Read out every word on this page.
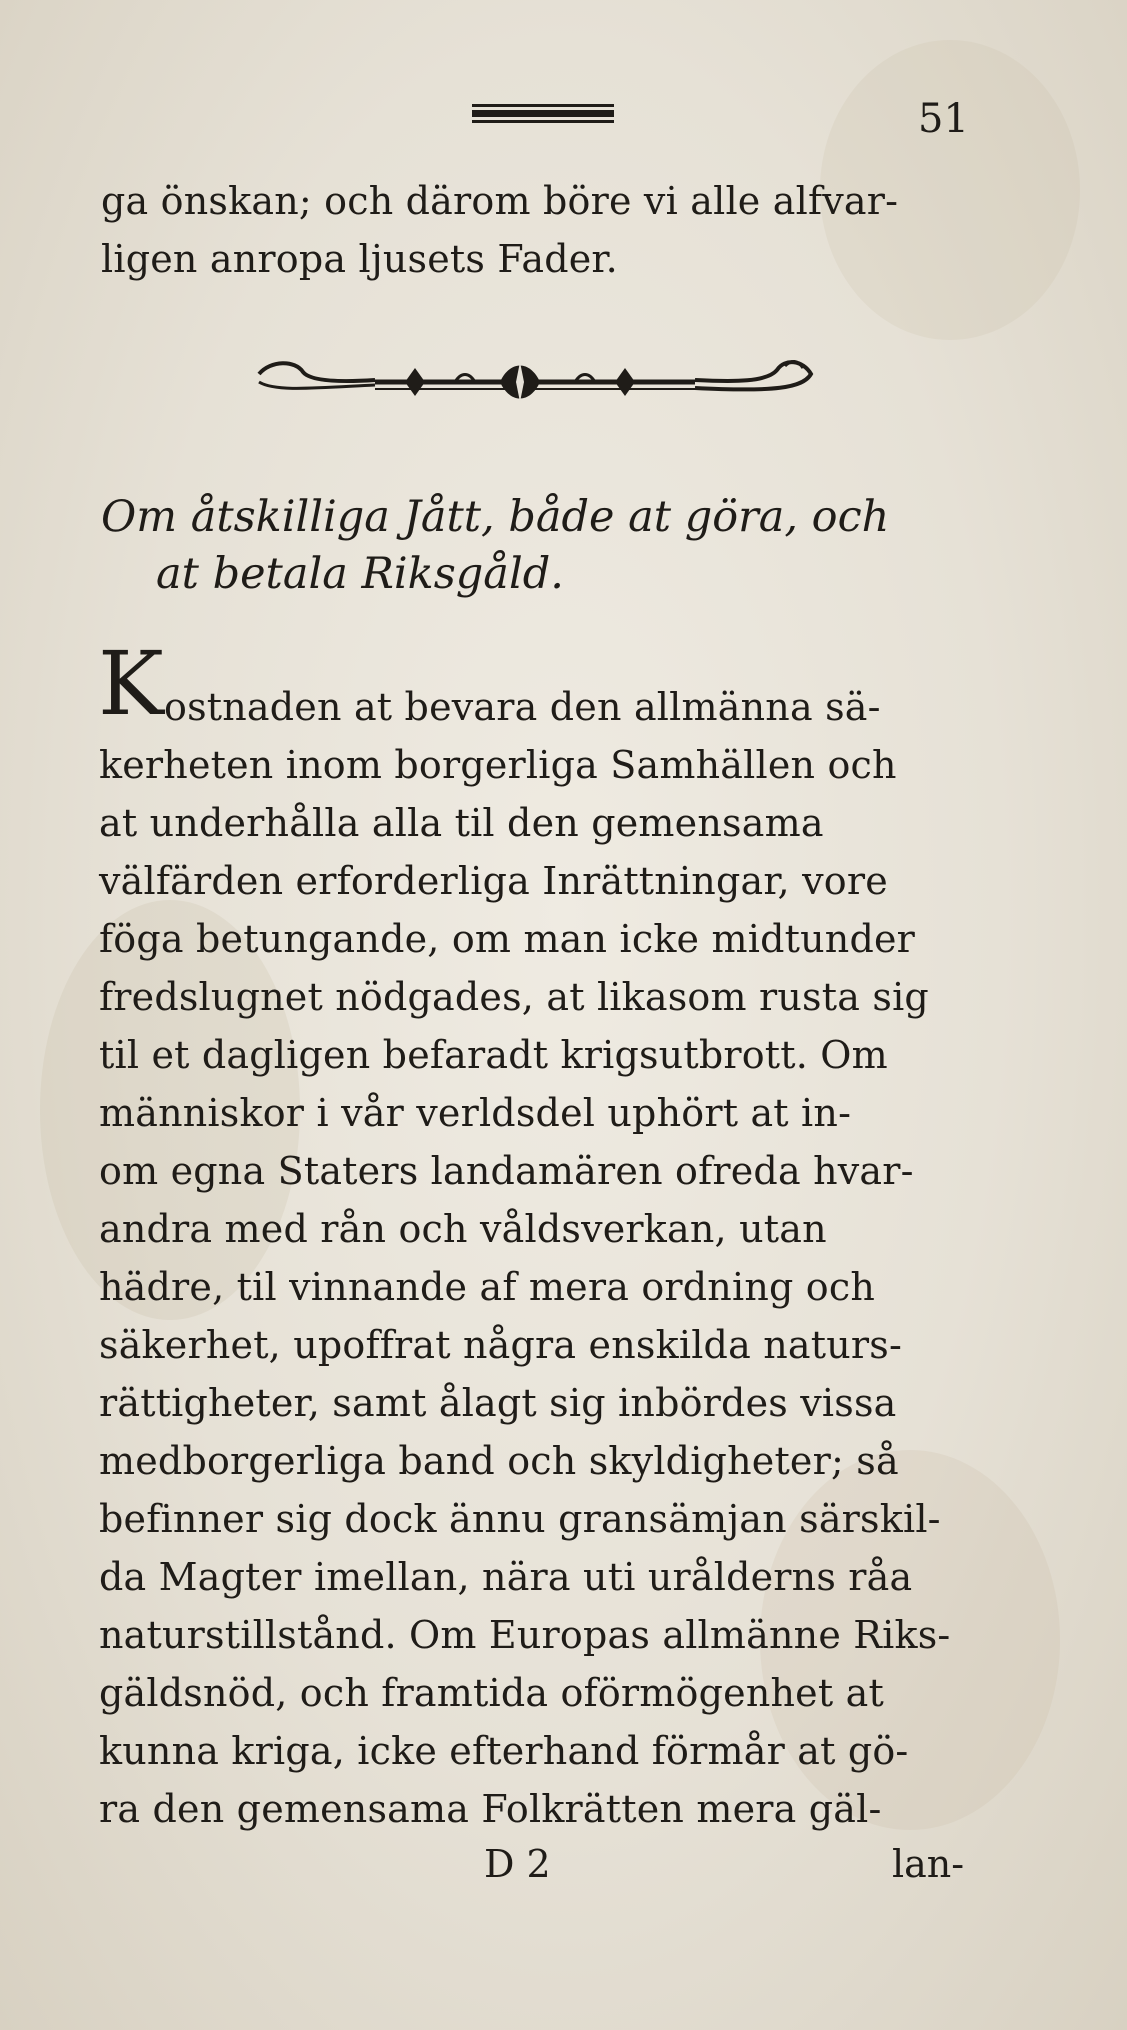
51
ga önskan; och därom böre vi alle alfvar-
ligen anropa ljusets Fader.
Om åtskilliga Jått, både at göra, och
at betala Riksgåld.
K ostnaden at bevara den allmänna sä-
kerheten inom borgerliga Samhällen och
at underhålla alla til den gemensama
välfärden erforderliga Inrättningar, vore
föga betungande, om man icke midtunder
fredslugnet nödgades, at likasom rusta sig
til et dagligen befaradt krigsutbrott. Om
människor i vår verldsdel uphört at in-
om egna Staters landamären ofreda hvar-
andra med rån och våldsverkan, utan
hädre, til vinnande af mera ordning och
säkerhet, upoffrat några enskilda naturs-
rättigheter, samt ålagt sig inbördes vissa
medborgerliga band och skyldigheter; så
befinner sig dock ännu gransämjan särskil-
da Magter imellan, nära uti urålderns råa
naturstillstånd. Om Europas allmänne Riks-
gäldsnöd, och framtida oförmögenhet at
kunna kriga, icke efterhand förmår at gö-
ra den gemensama Folkrätten mera gäl-
D 2	lan-
